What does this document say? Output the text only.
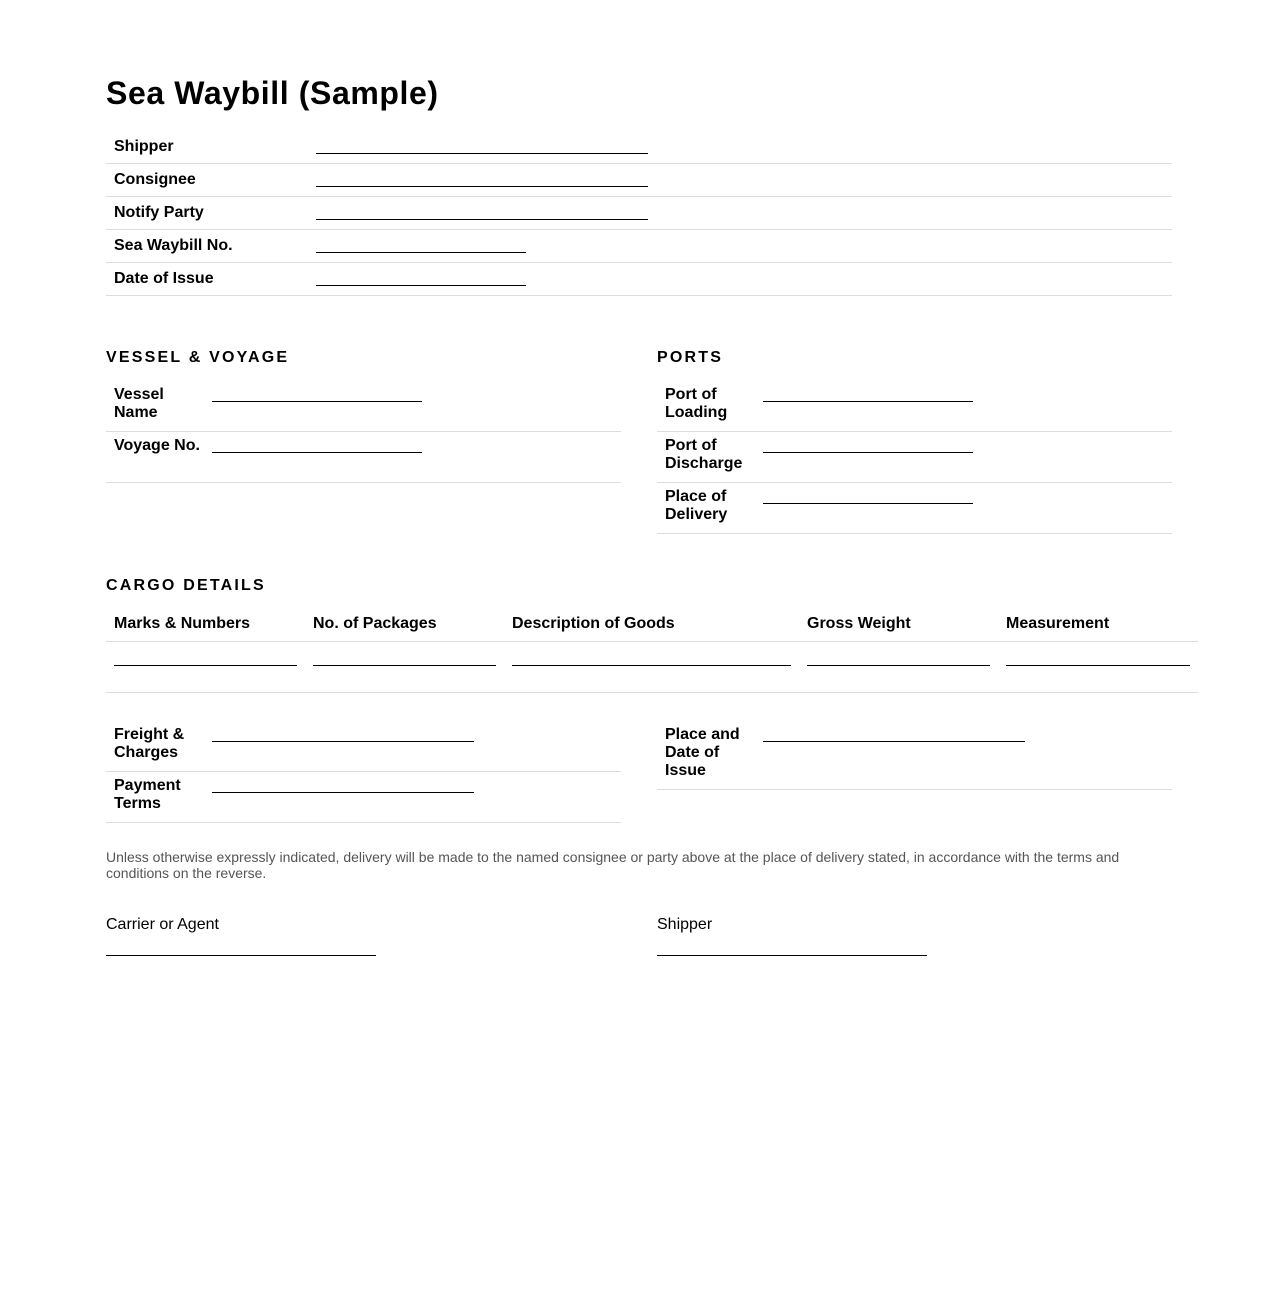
Sea Waybill (Sample)
Shipper
Consignee
Notify Party
Sea Waybill No.
Date of Issue
VESSEL & VOYAGE
Vessel Name
Voyage No.
PORTS
Port of Loading
Port of Discharge
Place of Delivery
CARGO DETAILS
Marks & Numbers	No. of Packages	Description of Goods	Gross Weight	Measurement
Freight & Charges
Payment Terms
Place and Date of Issue

Unless otherwise expressly indicated, delivery will be made to the named consignee or party above at the place of delivery stated, in accordance with the terms and conditions on the reverse.

Carrier or Agent	Shipper
